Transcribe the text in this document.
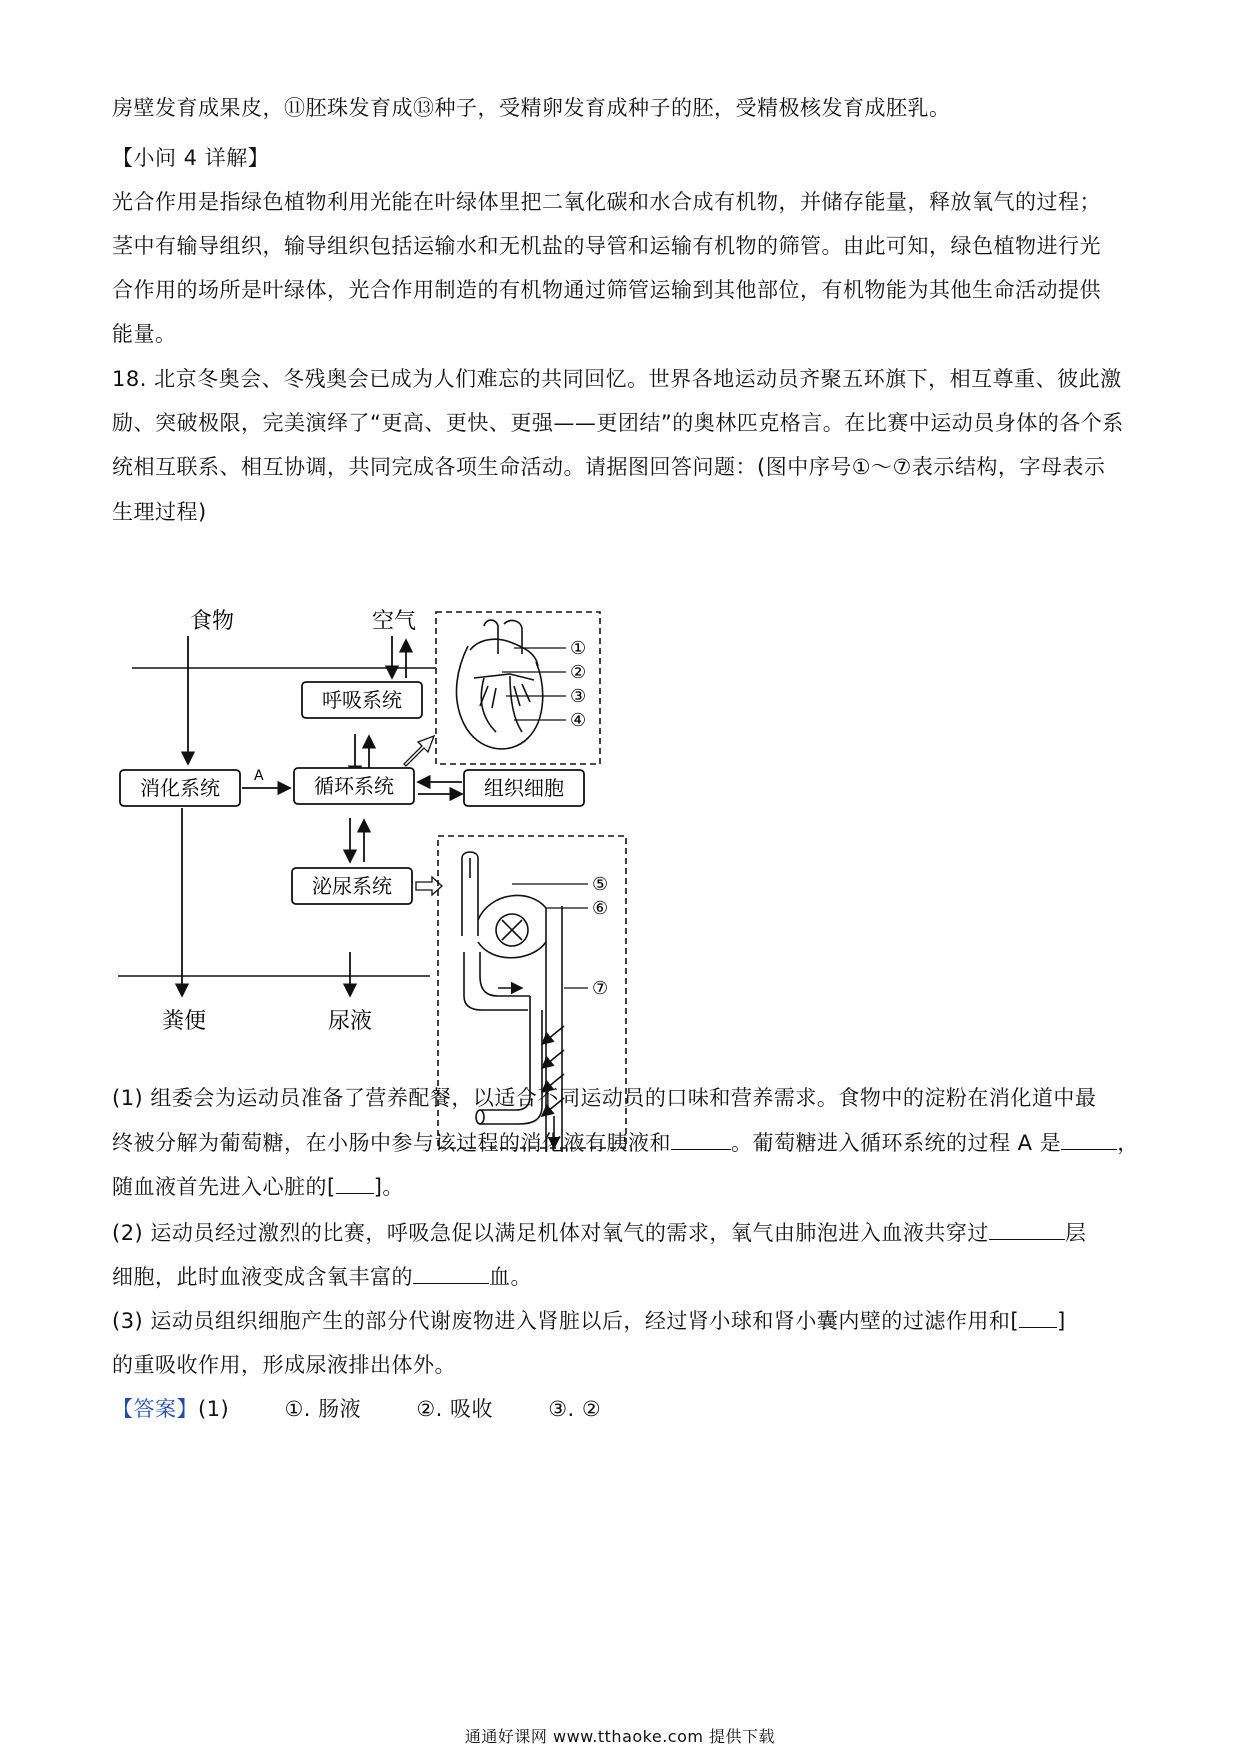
房壁发育成果皮，⑪胚珠发育成⑬种子，受精卵发育成种子的胚，受精极核发育成胚乳。
【小问 4 详解】
光合作用是指绿色植物利用光能在叶绿体里把二氧化碳和水合成有机物，并储存能量，释放氧气的过程；
茎中有输导组织，输导组织包括运输水和无机盐的导管和运输有机物的筛管。由此可知，绿色植物进行光
合作用的场所是叶绿体，光合作用制造的有机物通过筛管运输到其他部位，有机物能为其他生命活动提供
能量。
18. 北京冬奥会、冬残奥会已成为人们难忘的共同回忆。世界各地运动员齐聚五环旗下，相互尊重、彼此激
励、突破极限，完美演绎了“更高、更快、更强——更团结”的奥林匹克格言。在比赛中运动员身体的各个系
统相互联系、相互协调，共同完成各项生命活动。请据图回答问题：(图中序号①～⑦表示结构，字母表示
生理过程)
食物	空气
呼吸系统
消化系统 A	循环系统	组织细胞
泌尿系统
粪便	尿液
①
②
③
④
⑤
⑥
⑦
(1) 组委会为运动员准备了营养配餐，以适合不同运动员的口味和营养需求。食物中的淀粉在消化道中最
终被分解为葡萄糖，在小肠中参与该过程的消化液有胰液和	。葡萄糖进入循环系统的过程 A 是	，
随血液首先进入心脏的[ ]。
(2) 运动员经过激烈的比赛，呼吸急促以满足机体对氧气的需求，氧气由肺泡进入血液共穿过	层
细胞，此时血液变成含氧丰富的	血。
(3) 运动员组织细胞产生的部分代谢废物进入肾脏以后，经过肾小球和肾小囊内壁的过滤作用和[ ]
的重吸收作用，形成尿液排出体外。
【答案】(1)	①. 肠液	②. 吸收	③. ②
通通好课网 www.tthaoke.com 提供下载
